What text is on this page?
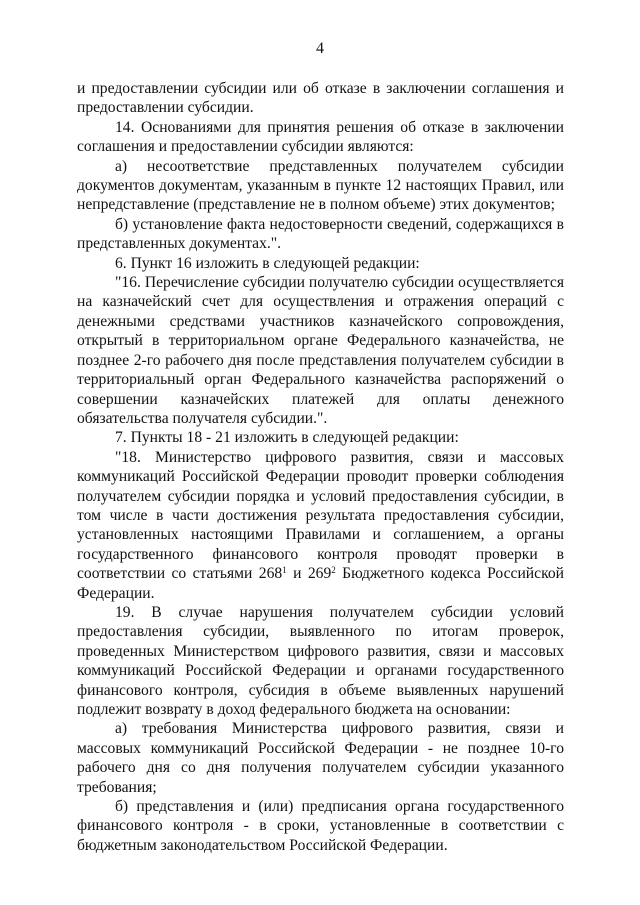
4

и предоставлении субсидии или об отказе в заключении соглашения и предоставлении субсидии.

14. Основаниями для принятия решения об отказе в заключении соглашения и предоставлении субсидии являются:

а) несоответствие представленных получателем субсидии документов документам, указанным в пункте 12 настоящих Правил, или непредставление (представление не в полном объеме) этих документов;

б) установление факта недостоверности сведений, содержащихся в представленных документах.".

6. Пункт 16 изложить в следующей редакции:

"16. Перечисление субсидии получателю субсидии осуществляется на казначейский счет для осуществления и отражения операций с денежными средствами участников казначейского сопровождения, открытый в территориальном органе Федерального казначейства, не позднее 2-го рабочего дня после представления получателем субсидии в территориальный орган Федерального казначейства распоряжений о совершении казначейских платежей для оплаты денежного обязательства получателя субсидии.".

7. Пункты 18 - 21 изложить в следующей редакции:

"18. Министерство цифрового развития, связи и массовых коммуникаций Российской Федерации проводит проверки соблюдения получателем субсидии порядка и условий предоставления субсидии, в том числе в части достижения результата предоставления субсидии, установленных настоящими Правилами и соглашением, а органы государственного финансового контроля проводят проверки в соответствии со статьями $268^1$ и $269^2$ Бюджетного кодекса Российской Федерации.

19. В случае нарушения получателем субсидии условий предоставления субсидии, выявленного по итогам проверок, проведенных Министерством цифрового развития, связи и массовых коммуникаций Российской Федерации и органами государственного финансового контроля, субсидия в объеме выявленных нарушений подлежит возврату в доход федерального бюджета на основании:

а) требования Министерства цифрового развития, связи и массовых коммуникаций Российской Федерации - не позднее 10-го рабочего дня со дня получения получателем субсидии указанного требования;

б) представления и (или) предписания органа государственного финансового контроля - в сроки, установленные в соответствии с бюджетным законодательством Российской Федерации.
